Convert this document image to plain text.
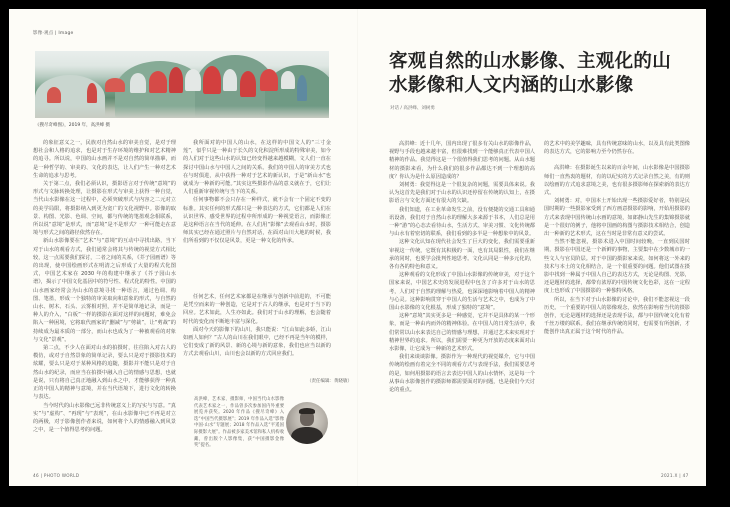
影像·观点 | Image
《搜尽奇峰图》，2019 年，高洪峰 摄

的象征意义之一，民族对自然山水的审美自觉，是对于理想社会和人格的追求，也是对于生存环境的维护和对艺术精神的追寻。所以说，中国的山水画并不是对自然的简单描摹，而是一种哲学的、审美的、文化的表达，让人们产生一种对艺术生命的追求与思考。

关于第二点，我们必须认识，摄影语言对于传统“意境”的形式与文脉转换处理，让摄影在形式与审美上获得一种自觉，当代山水影像在这一过程中，必须突破形式与内容之二元对立的美学局限，将摄影纳入到更为宽广的文化视野中。影像的取景、构图、光影、色调、空间，都与传统的笔墨观念相联系，所以说“意境”是形式，而“意境”是不是形式？一种可能走在意境与形式之间的路径依然存在。

新山水影像要在“艺术”与“意境”的互动中寻找出路，当下对于山水的观看方式，我们通常会将其与传统的视觉方式相比较，这一点需要我们探讨，二者之间的关系，《芥子园画谱》等的出现，使中国绘画形式在明清之后形成了大量的程式化图式，中国艺术家在 2030 年的构建中继承了《芥子园山水谱》，揭示了中国文化基因中的符号性、程式化的特性。中国的山水画家经常会为山水的意境寻找一种语言，通过色调、构图、笔墨，形成一个独特的审美取向和意象的形式，与自然的山水、树木、石头、云雾相对照，并不是简单地记录，而是一种人的介入，“白板”一样的摄影在面对这样的问题时，难免会陷入一种困境，它将取代画家的“删减”与“剪裁”，让“剪裁”的持续成为最本质的一部分，而山水也成为了一种被观看的对象与文化“景观”。

第二点，不少人在面对山水的拍摄时，往往陷入对古人的模仿，或对于自然景象的简单记录，要么只是对于摄影技术的炫耀，要么只是对于某种风格的追随，摄影并不能只是对于自然山水的纪录，而应当在拍摄中融入自己的情感与思想，也就是说，只有将自己真正地融入到山水之中，才能够获得一种真正的中国人的精神与意境，并在当代语境下，进行文化的转换与表达。

当今时代的山水影像已远非传统意义上的写实与写意。“真实”与“虚构”、“再现”与“表现”，在山水影像中已不再是对立的两极，对于影像创作者来说，如何将个人的情感融入到风景之中，是一个值得思考的问题。

我所面对的中国人的山水，在这样的中国文人的“三寸金莲”，似乎只是一种由于长久的文化积淀所形成的特殊审美，如今的人们对于这些山水的认知已经变得越来越模糊，文人们一直在探讨中国山水与中国人之间的关系。我们的中国人的审美方式也在与时俱进，从中获得一种对于艺术的新认识，于是“新山水”也就成为一种新的可能。”其实这些摄影作品的意义就在于，它们让人们重新审视传统与当下的关系。

任何事物都不会只存在一种样式，就不会有一个固定不变的标准。其实任何的形式都只是一种表达的方式，它们都是人们在认识世界、感受世界的过程中所形成的一种视觉语言，而影像正是这种语言在当代的延伸。在人们用“影像”去观看山水时，摄影师其实已经在通过照片与自然对话，在面对山川大地的时候，我们所看到的不仅仅是风景，更是一种文化的传承。

任何艺术，任何艺术家都是在继承与创新中前进的，不可能是凭空而来的一种创造，它是对于古人的继承，也是对于当下的回应。艺术如此，人生亦如此。我们对于山水的理解，也会随着时代的变化而不断地丰富与深化。

面对今天的影像下的山川，我只能说：“江山如此多娇，江山如画人如何？”古人的山川在我们眼中，已经不再是当年的模样，它们变成了新的风景、新的心境与新的意象，我们也应当以新的方式去观看山川，山川也会以新的方式回应我们。

（责任编辑：黄晓敏）
高洪峰，艺术家、摄影师，中国当代山水影像代表艺术家之一，作品曾多次参加国内外重要展览并获奖。2020 年作品《搜尽奇峰》入选“中国当代摄影展”；2019 年作品入选“影像中国·山水”专题展；2018 年作品入选“平遥国际摄影大展”。作品被多家美术馆和私人机构收藏，曾出版个人影像集，获“中国摄影金像奖”提名。
46 | PHOTO WORLD
客观自然的山水影像、主观化的山
水影像和人文内涵的山水影像
对话 / 高洪峰、刘树勇

高洪峰：近十几年，国内出现了很多有关山水的影像作品，视野与手段也越来越丰富，但很难找到一个能够真正代表中国人精神的作品。我觉得这是一个很值得我们思考的问题。从山水题材的摄影来看，为什么我们的很多作品都达不到一个理想的高度？你认为是什么原因造成的？

刘树勇：我觉得这是一个很复杂的问题，需要具体来说。我认为这首先是我们对于山水的认识还停留在传统的认知上，在摄影语言与文化方面还有很大的欠缺。

我们知道，在工业革命发生之前，没有便捷的交通工具和通讯设备，我们对于自然山水的理解大多来源于书本，人们总是用一种“游”的心态去看待山水，生活方式、审美习惯、文化传统都与山水有着密切的联系，我们看到的多半是一种想象中的风景。

这种文化认知在现代社会发生了巨大的变化，我们需要重新审视这一传统，它既有其积极的一面，也有其局限性，我们在继承的同时，也要学会批判性地思考。文化认同是一种多元化的，各有各的特色和意义。

这种观看的文化形成了中国山水影像的传统审美，对于这个国家来说，中国艺术史的发展进程中包含了许多对于山水的思考，人们对于自然的理解与热爱，也深深地影响着中国人的精神与心灵。这种影响贯穿于中国人的生活与艺术之中，也成为了中国山水影像的文化根基，形成了独特的“意境”。

这种“意境”其实更多是一种感觉，它并不是具体的某一个形象，而是一种由内而外的精神体验。在中国人的日常生活中，我们常常以山水来表达自己的情感与理想，并通过艺术来实现对于精神世界的追求。所以，我们需要一种更为开放的态度来面对山水影像，让它成为一种新的艺术形式。

我们来谈谈影像。摄影作为一种现代的视觉媒介，它与中国传统的绘画有着完全不同的观看方式与表现手法，我们需要思考的是，如何用摄影的语言去表达中国人的山水情怀，这是每一个从事山水影像创作的摄影师都需要面对的问题，也是我们今天讨论的重点。

的艺术中的美学趣味，具有传统意味的山水，以及具有此类图像的表达方式，它的影响力至今仍然存在。

高洪峰：在摄影诞生以来的百余年间，山水影像是中国摄影师们一直热衷的题材，有的以纪实的方式记录自然之美，有的则以绘画的方式追求意境之美，也有很多摄影师在探索新的表达方式。

刘树勇：对，中国本土开始出现一些摄影爱好者，特别是民国时期的一些摄影家受到了西方画意摄影的影响，开始用摄影的方式来表现中国传统山水画的意境，如郎静山先生的集锦摄影就是一个很好的例子，他将中国画的构图与摄影技术相结合，创造出一种新的艺术形式，这在当时是非常有意义的尝试。

当然不能忽视，摄影术进入中国时间较晚，一直到民国时期，摄影在中国还是一个新鲜的事物，主要集中在少数城市的一些文人与官员阶层。对于中国的摄影家来说，如何将这一外来的技术与本土的文化相结合，是一个很重要的问题。他们试图在摄影中找到一种属于中国人自己的表达方式，无论是构图、光影，还是题材的选择，都带有浓厚的中国传统文化色彩，这在一定程度上也形成了中国摄影的一种独特风格。

所以，在当下对于山水影像的讨论中，我们不能忽视这一段历史。一个重要的中国人的影像观念，依然在影响着当代的摄影创作，无论是题材的选择还是表现手法，都与中国传统文化有着千丝万缕的联系。我们在继承传统的同时，也需要有所创新，才能创作出真正属于这个时代的作品。

2021.X | 47
